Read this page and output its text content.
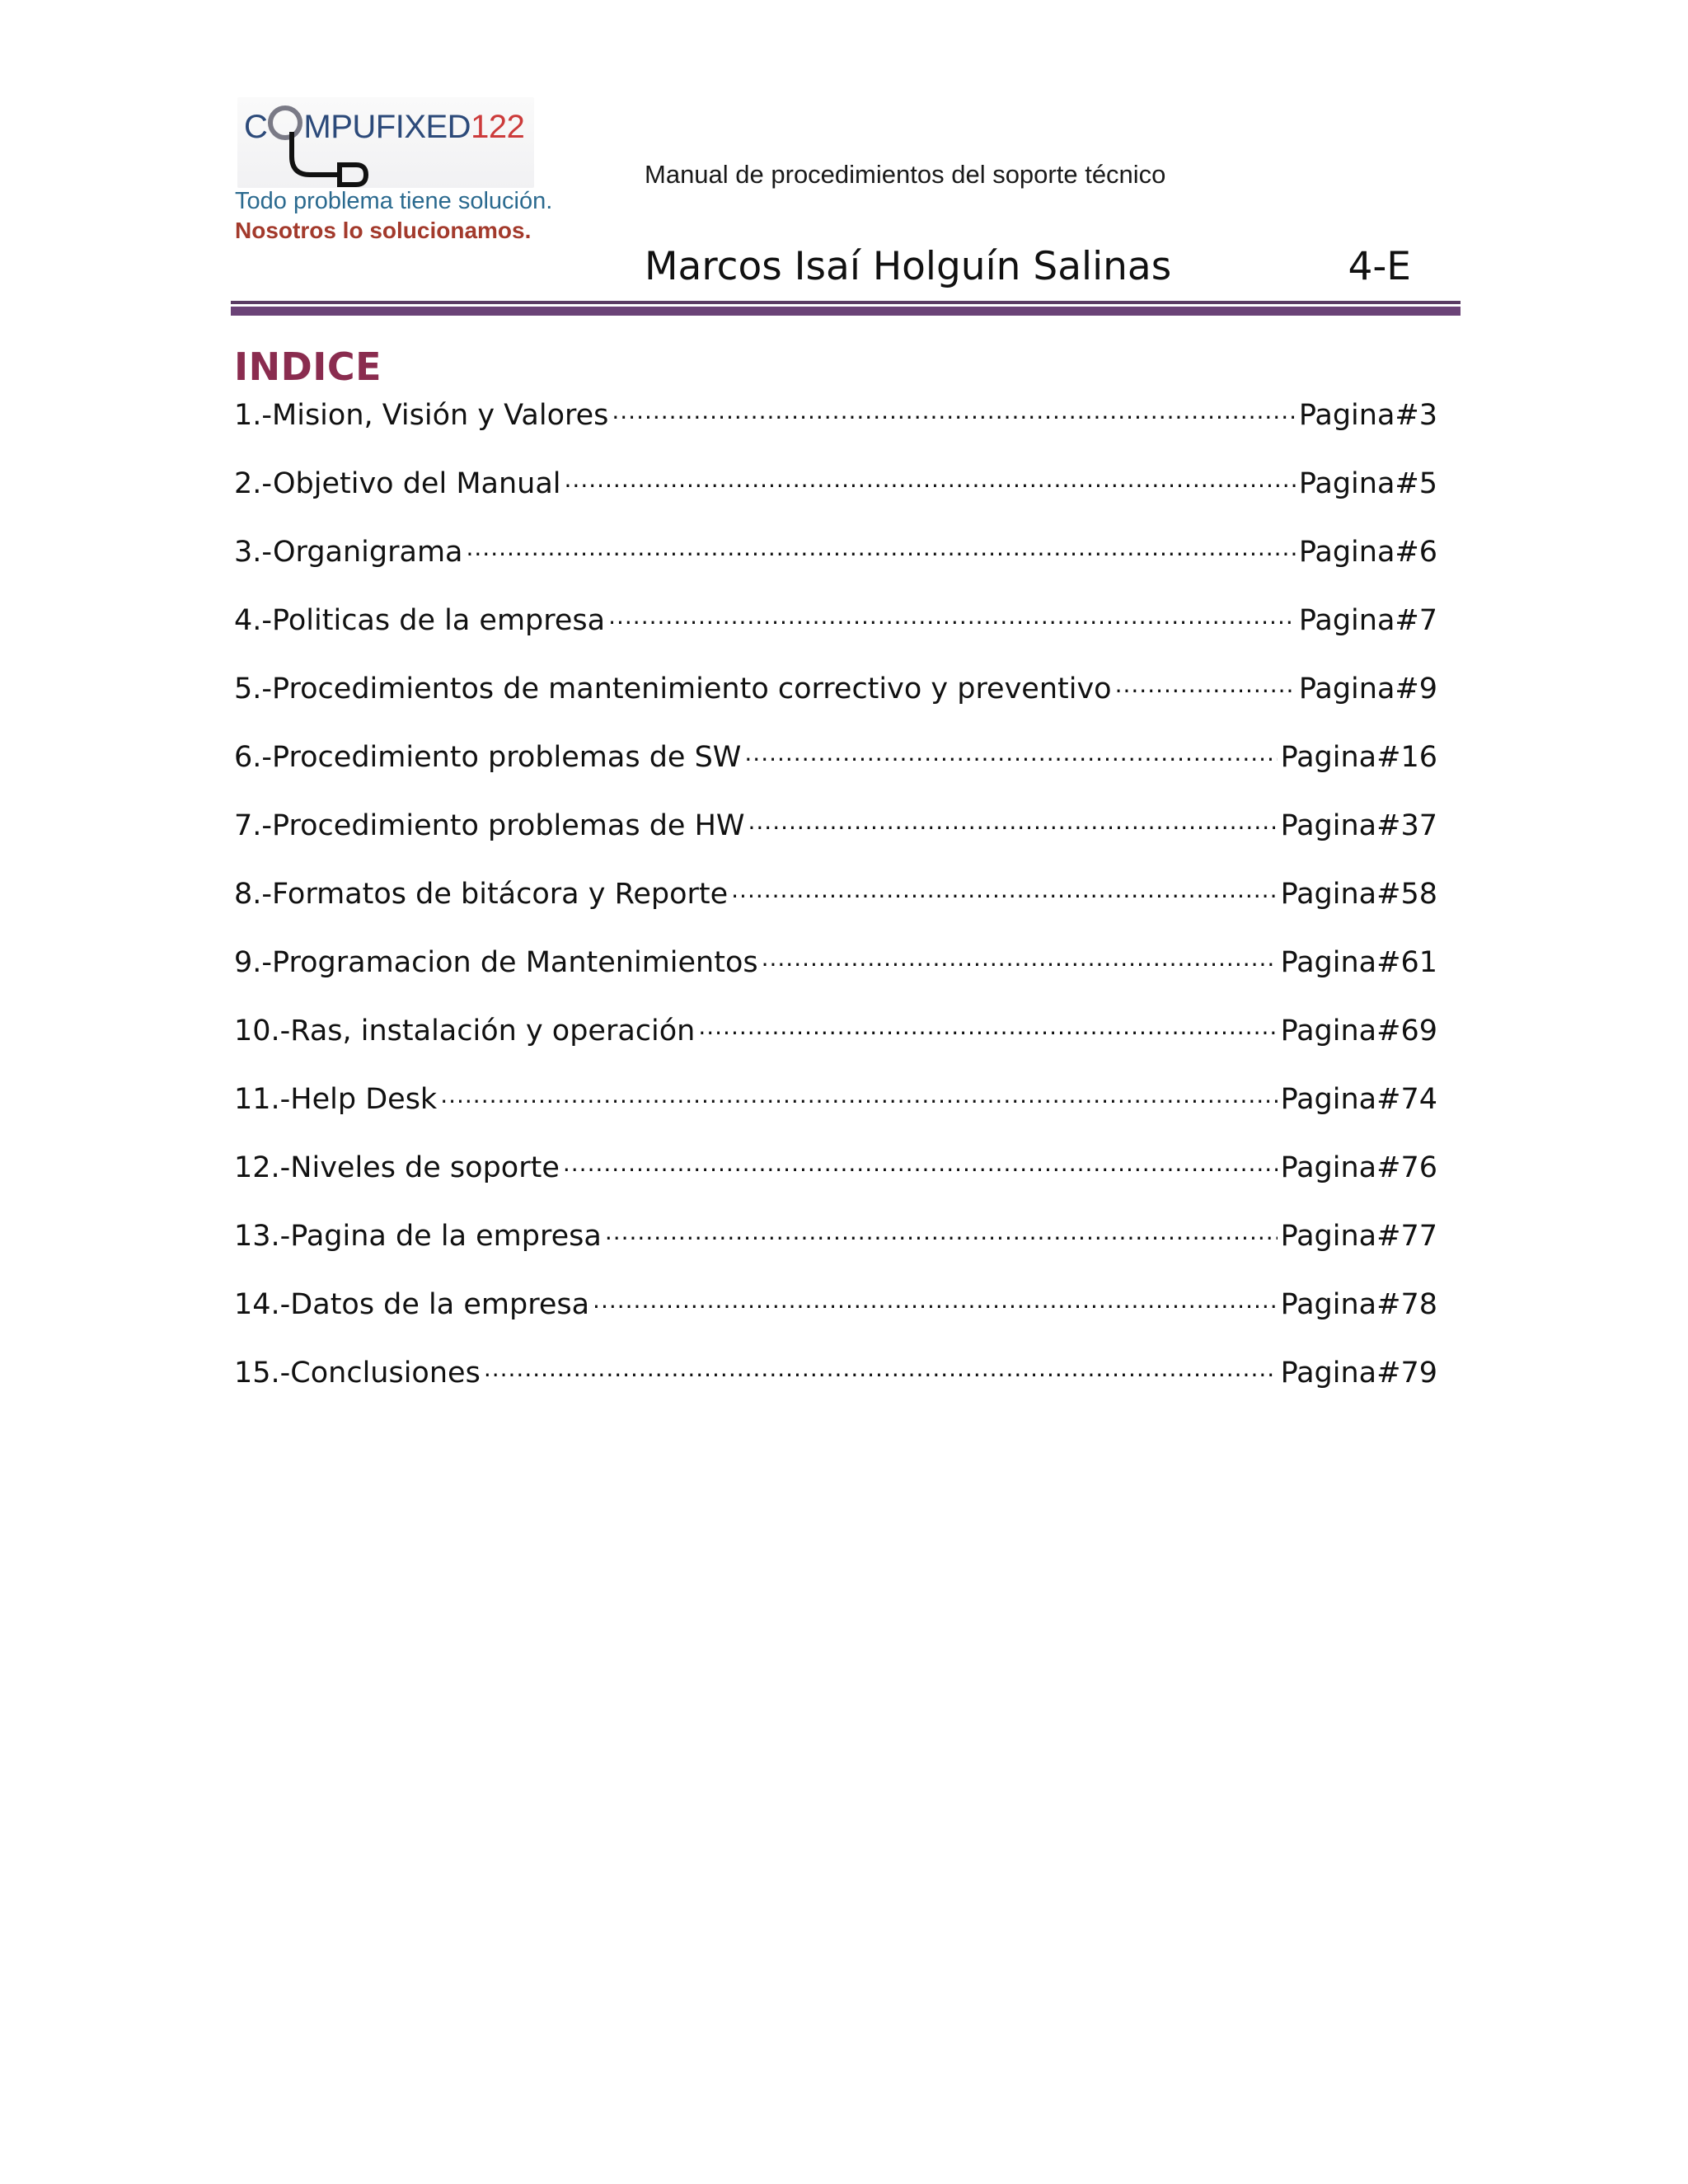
C MPUFIXED122
Todo problema tiene solución.
Nosotros lo solucionamos.
Manual de procedimientos del soporte técnico
Marcos Isaí Holguín Salinas	4-E
INDICE
1.-Mision, Visión y Valores .....	Pagina#3
2.-Objetivo del Manual .....	Pagina#5
3.-Organigrama .....	Pagina#6
4.-Politicas de la empresa .....	Pagina#7
5.-Procedimientos de mantenimiento correctivo y preventivo .....	Pagina#9
6.-Procedimiento problemas de SW .....	Pagina#16
7.-Procedimiento problemas de HW .....	Pagina#37
8.-Formatos de bitácora y Reporte .....	Pagina#58
9.-Programacion de Mantenimientos .....	Pagina#61
10.-Ras, instalación y operación .....	Pagina#69
11.-Help Desk .....	Pagina#74
12.-Niveles de soporte .....	Pagina#76
13.-Pagina de la empresa .....	Pagina#77
14.-Datos de la empresa .....	Pagina#78
15.-Conclusiones .....	Pagina#79
